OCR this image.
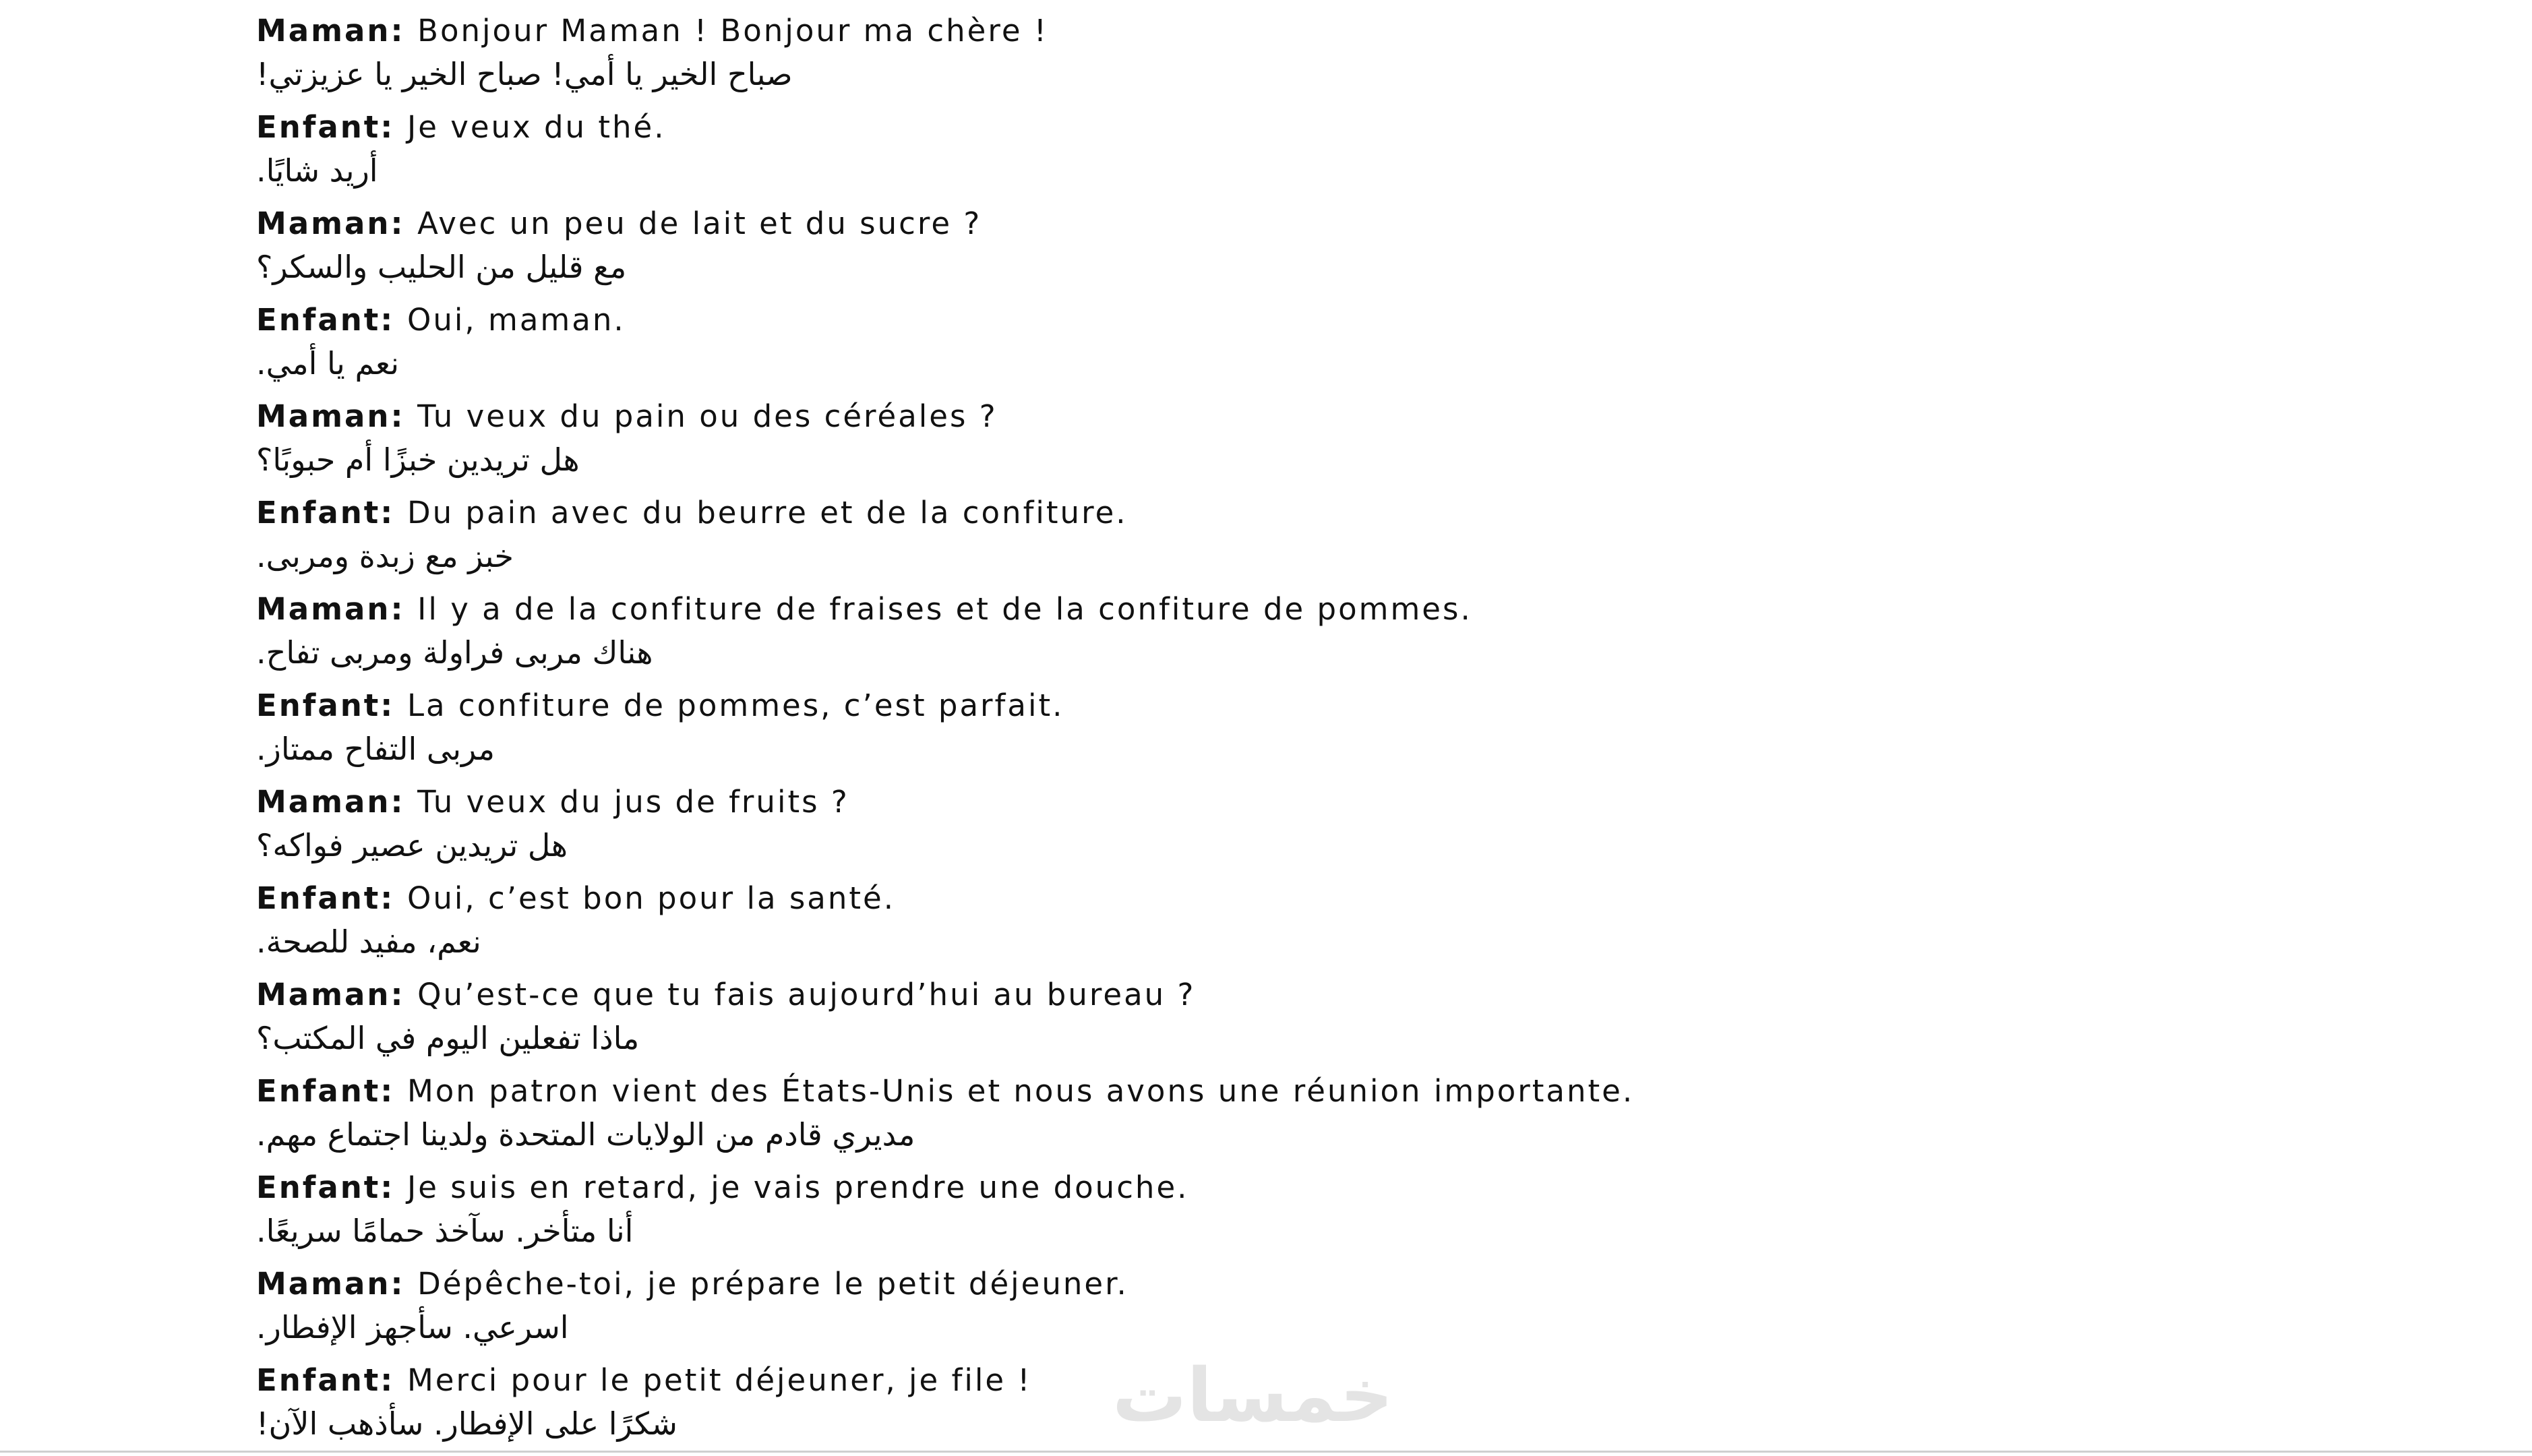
Maman: Bonjour Maman ! Bonjour ma chère !
صباح الخير يا أمي! صباح الخير يا عزيزتي!
Enfant: Je veux du thé.
أريد شايًا.
Maman: Avec un peu de lait et du sucre ?
مع قليل من الحليب والسكر؟
Enfant: Oui, maman.
نعم يا أمي.
Maman: Tu veux du pain ou des céréales ?
هل تريدين خبزًا أم حبوبًا؟
Enfant: Du pain avec du beurre et de la confiture.
خبز مع زبدة ومربى.
Maman: Il y a de la confiture de fraises et de la confiture de pommes.
هناك مربى فراولة ومربى تفاح.
Enfant: La confiture de pommes, c’est parfait.
مربى التفاح ممتاز.
Maman: Tu veux du jus de fruits ?
هل تريدين عصير فواكه؟
Enfant: Oui, c’est bon pour la santé.
نعم، مفيد للصحة.
Maman: Qu’est-ce que tu fais aujourd’hui au bureau ?
ماذا تفعلين اليوم في المكتب؟
Enfant: Mon patron vient des États-Unis et nous avons une réunion importante.
مديري قادم من الولايات المتحدة ولدينا اجتماع مهم.
Enfant: Je suis en retard, je vais prendre une douche.
أنا متأخر. سآخذ حمامًا سريعًا.
Maman: Dépêche-toi, je prépare le petit déjeuner.
اسرعي. سأجهز الإفطار.
Enfant: Merci pour le petit déjeuner, je file !
شكرًا على الإفطار. سأذهب الآن!	خمسات
